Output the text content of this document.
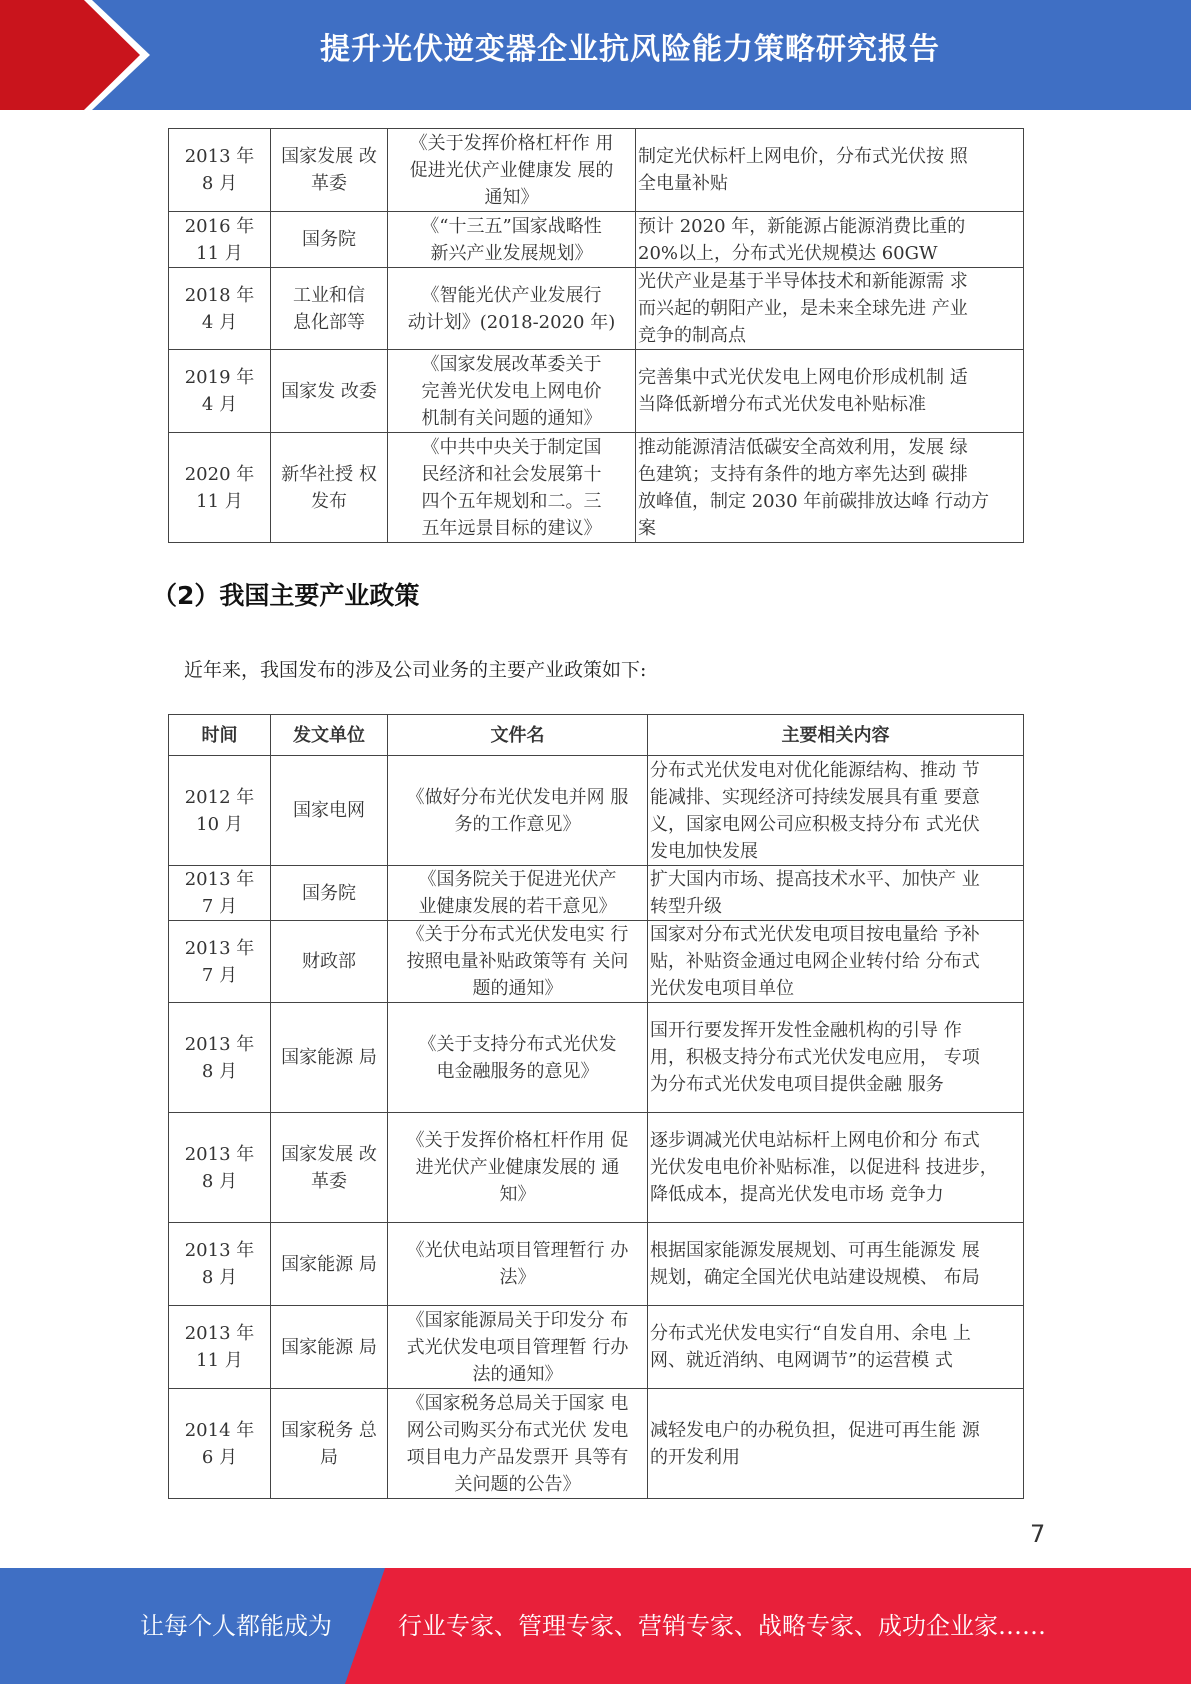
提升光伏逆变器企业抗风险能力策略研究报告
2013 年
8 月	国家发展 改
革委	《关于发挥价格杠杆作 用
促进光伏产业健康发 展的
通知》	制定光伏标杆上网电价，分布式光伏按 照
全电量补贴
2016 年
11 月	国务院	《“十三五”国家战略性
新兴产业发展规划》	预计 2020 年，新能源占能源消费比重的
20%以上，分布式光伏规模达 60GW
2018 年
4 月	工业和信
息化部等	《智能光伏产业发展行
动计划》(2018-2020 年)	光伏产业是基于半导体技术和新能源需 求
而兴起的朝阳产业，是未来全球先进 产业
竞争的制高点
2019 年
4 月	国家发 改委	《国家发展改革委关于
完善光伏发电上网电价
机制有关问题的通知》	完善集中式光伏发电上网电价形成机制 适
当降低新增分布式光伏发电补贴标准
2020 年
11 月	新华社授 权
发布	《中共中央关于制定国
民经济和社会发展第十
四个五年规划和二。三
五年远景目标的建议》	推动能源清洁低碳安全高效利用，发展 绿
色建筑；支持有条件的地方率先达到 碳排
放峰值，制定 2030 年前碳排放达峰 行动方
案
（2）我国主要产业政策
近年来，我国发布的涉及公司业务的主要产业政策如下:
时间	发文单位	文件名	主要相关内容
2012 年
10 月	国家电网	《做好分布光伏发电并网 服
务的工作意见》	分布式光伏发电对优化能源结构、推动 节
能减排、实现经济可持续发展具有重 要意
义，国家电网公司应积极支持分布 式光伏
发电加快发展
2013 年
7 月	国务院	《国务院关于促进光伏产
业健康发展的若干意见》	扩大国内市场、提高技术水平、加快产 业
转型升级
2013 年
7 月	财政部	《关于分布式光伏发电实 行
按照电量补贴政策等有 关问
题的通知》	国家对分布式光伏发电项目按电量给 予补
贴，补贴资金通过电网企业转付给 分布式
光伏发电项目单位
2013 年
8 月	国家能源 局	《关于支持分布式光伏发
电金融服务的意见》	国开行要发挥开发性金融机构的引导 作
用，积极支持分布式光伏发电应用， 专项
为分布式光伏发电项目提供金融 服务
2013 年
8 月	国家发展 改
革委	《关于发挥价格杠杆作用 促
进光伏产业健康发展的 通
知》	逐步调减光伏电站标杆上网电价和分 布式
光伏发电电价补贴标准，以促进科 技进步，
降低成本，提高光伏发电市场 竞争力
2013 年
8 月	国家能源 局	《光伏电站项目管理暂行 办
法》	根据国家能源发展规划、可再生能源发 展
规划，确定全国光伏电站建设规模、 布局
2013 年
11 月	国家能源 局	《国家能源局关于印发分 布
式光伏发电项目管理暂 行办
法的通知》	分布式光伏发电实行“自发自用、余电 上
网、就近消纳、电网调节”的运营模 式
2014 年
6 月	国家税务 总
局	《国家税务总局关于国家 电
网公司购买分布式光伏 发电
项目电力产品发票开 具等有
关问题的公告》	减轻发电户的办税负担，促进可再生能 源
的开发利用
7
让每个人都能成为	行业专家、管理专家、营销专家、战略专家、成功企业家……
